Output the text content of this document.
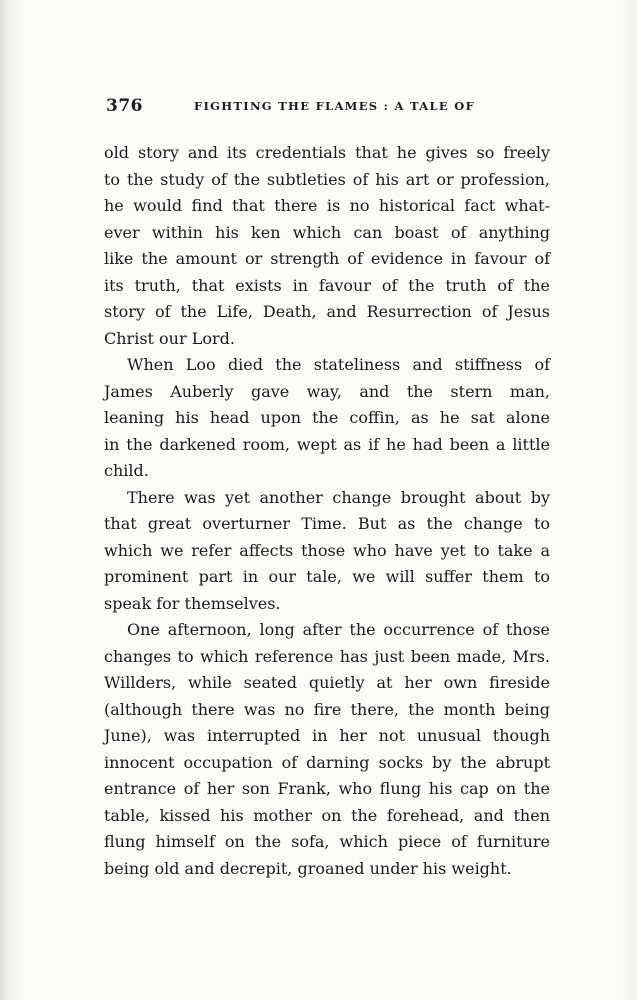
376	FIGHTING THE FLAMES : A TALE OF
old story and its credentials that he gives so freely
to the study of the subtleties of his art or profession,
he would find that there is no historical fact what-
ever within his ken which can boast of anything
like the amount or strength of evidence in favour of
its truth, that exists in favour of the truth of the
story of the Life, Death, and Resurrection of Jesus
Christ our Lord.
When Loo died the stateliness and stiffness of
James Auberly gave way, and the stern man,
leaning his head upon the coffin, as he sat alone
in the darkened room, wept as if he had been a little
child.
There was yet another change brought about by
that great overturner Time. But as the change to
which we refer affects those who have yet to take a
prominent part in our tale, we will suffer them to
speak for themselves.
One afternoon, long after the occurrence of those
changes to which reference has just been made, Mrs.
Willders, while seated quietly at her own fireside
(although there was no fire there, the month being
June), was interrupted in her not unusual though
innocent occupation of darning socks by the abrupt
entrance of her son Frank, who flung his cap on the
table, kissed his mother on the forehead, and then
flung himself on the sofa, which piece of furniture
being old and decrepit, groaned under his weight.
